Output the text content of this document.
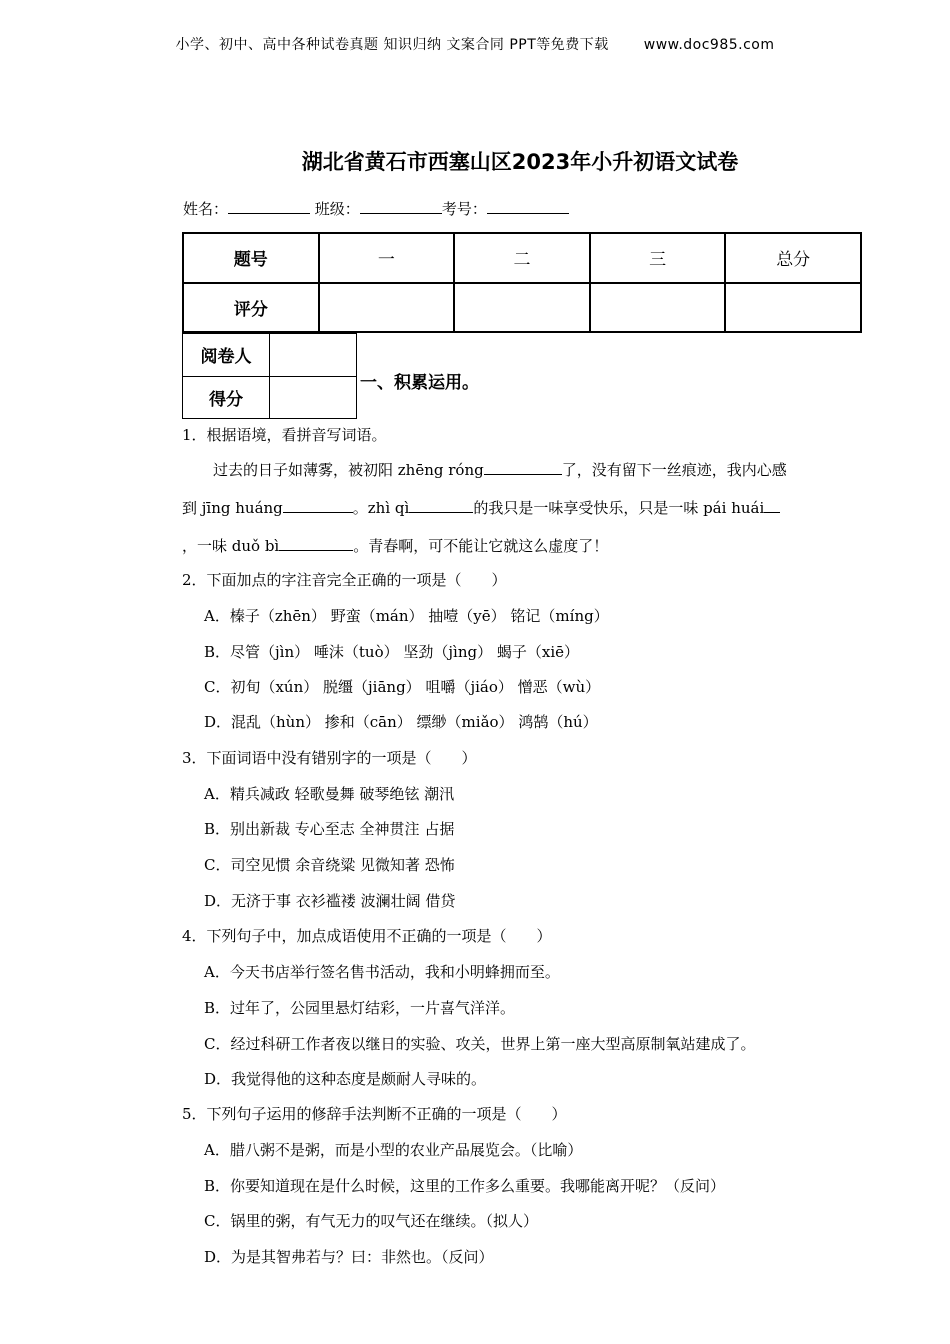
小学、初中、高中各种试卷真题 知识归纳 文案合同 PPT等免费下载 www.doc985.com
湖北省黄石市西塞山区2023年小升初语文试卷
姓名：	班级：	考号：
题号	一	二	三	总分
评分				
阅卷人	
得分	
一、积累运用。
1．根据语境，看拼音写词语。
过去的日子如薄雾，被初阳 zhēng róng	了，没有留下一丝痕迹，我内心感
到 jīng huáng	。zhì qì	的我只是一味享受快乐，只是一味 pái huái
，一味 duǒ bì	。青春啊，可不能让它就这么虚度了！
2．下面加点的字注音完全正确的一项是（　　）
A．榛子（zhēn） 野蛮（mán） 抽噎（yē） 铭记（míng）
B．尽管（jìn） 唾沫（tuò） 坚劲（jìng） 蝎子（xiē）
C．初旬（xún） 脱缰（jiāng） 咀嚼（jiáo） 憎恶（wù）
D．混乱（hùn） 掺和（cān） 缥缈（miǎo） 鸿鹄（hú）
3．下面词语中没有错别字的一项是（　　）
A．精兵减政 轻歌曼舞 破琴绝铉 潮汛
B．别出新裁 专心至志 全神贯注 占据
C．司空见惯 余音绕粱 见微知著 恐怖
D．无济于事 衣衫褴褛 波澜壮阔 借贷
4．下列句子中，加点成语使用不正确的一项是（　　）
A．今天书店举行签名售书活动，我和小明蜂拥而至。
B．过年了，公园里悬灯结彩，一片喜气洋洋。
C．经过科研工作者夜以继日的实验、攻关，世界上第一座大型高原制氧站建成了。
D．我觉得他的这种态度是颇耐人寻味的。
5．下列句子运用的修辞手法判断不正确的一项是（　　）
A．腊八粥不是粥，而是小型的农业产品展览会。（比喻）
B．你要知道现在是什么时候，这里的工作多么重要。我哪能离开呢？（反问）
C．锅里的粥，有气无力的叹气还在继续。（拟人）
D．为是其智弗若与？曰：非然也。（反问）
